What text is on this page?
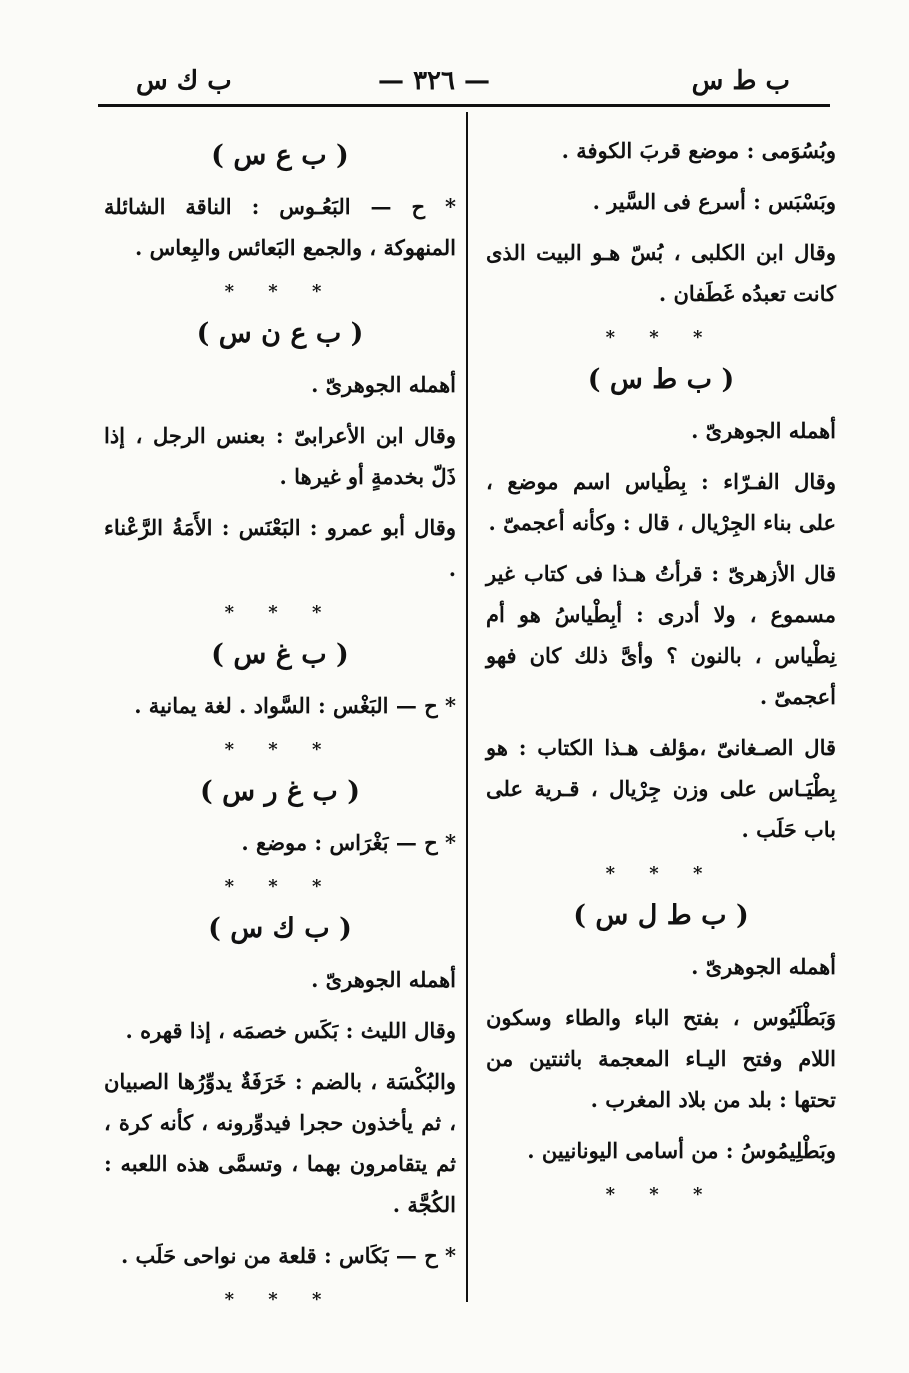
ب ط س
— ٣٢٦ —
ب ك س

وبُسُوَمى : موضع قربَ الكوفة .

وبَسْبَس : أسرع فى السَّير .

وقال ابن الكلبى ، بُسّ هـو البيت الذى كانت تعبدُه غَطَفان .

* * *
( ب ط س )

أهمله الجوهرىّ .

وقال الفـرّاء : بِطْياس اسم موضع ، على بناء الجِرْيال ، قال : وكأنه أعجمىّ .

قال الأزهرىّ : قرأتُ هـذا فى كتاب غير مسموع ، ولا أدرى : أبِطْياسُ هو أم نِطْياس ، بالنون ؟ وأىَّ ذلك كان فهو أعجمىّ .

قال الصـغانىّ ،مؤلف هـذا الكتاب : هو بِطْيَـاس على وزن جِرْيال ، قـرية على باب حَلَب .

* * *
( ب ط ل س )

أهمله الجوهرىّ .

وَبَطْلَيُوس ، بفتح الباء والطاء وسكون اللام وفتح اليـاء المعجمة باثنتين من تحتها : بلد من بلاد المغرب .

وبَطْلِيمُوسُ : من أسامى اليونانيين .

* * *
( ب ع س )

* ح — البَعُـوس : الناقة الشائلة المنهوكة ، والجمع البَعائس والبِعاس .

* * *
( ب ع ن س )

أهمله الجوهرىّ .

وقال ابن الأعرابىّ : بعنس الرجل ، إذا ذَلّ بخدمةٍ أو غيرها .

وقال أبو عمرو : البَعْنَس : الأَمَةُ الرَّعْناء .

* * *
( ب غ س )

* ح — البَغْس : السَّواد . لغة يمانية .

* * *
( ب غ ر س )

* ح — بَغْرَاس : موضع .

* * *
( ب ك س )

أهمله الجوهرىّ .

وقال الليث : بَكَس خصمَه ، إذا قهره .

والبُكْسَة ، بالضم : خَرَفَةٌ يدوِّرُها الصبيان ، ثم يأخذون حجرا فيدوِّرونه ، كأنه كرة ، ثم يتقامرون بهما ، وتسمَّى هذه اللعبه : الكُجَّة .

* ح — بَكَاس : قلعة من نواحى حَلَب .

* * *
